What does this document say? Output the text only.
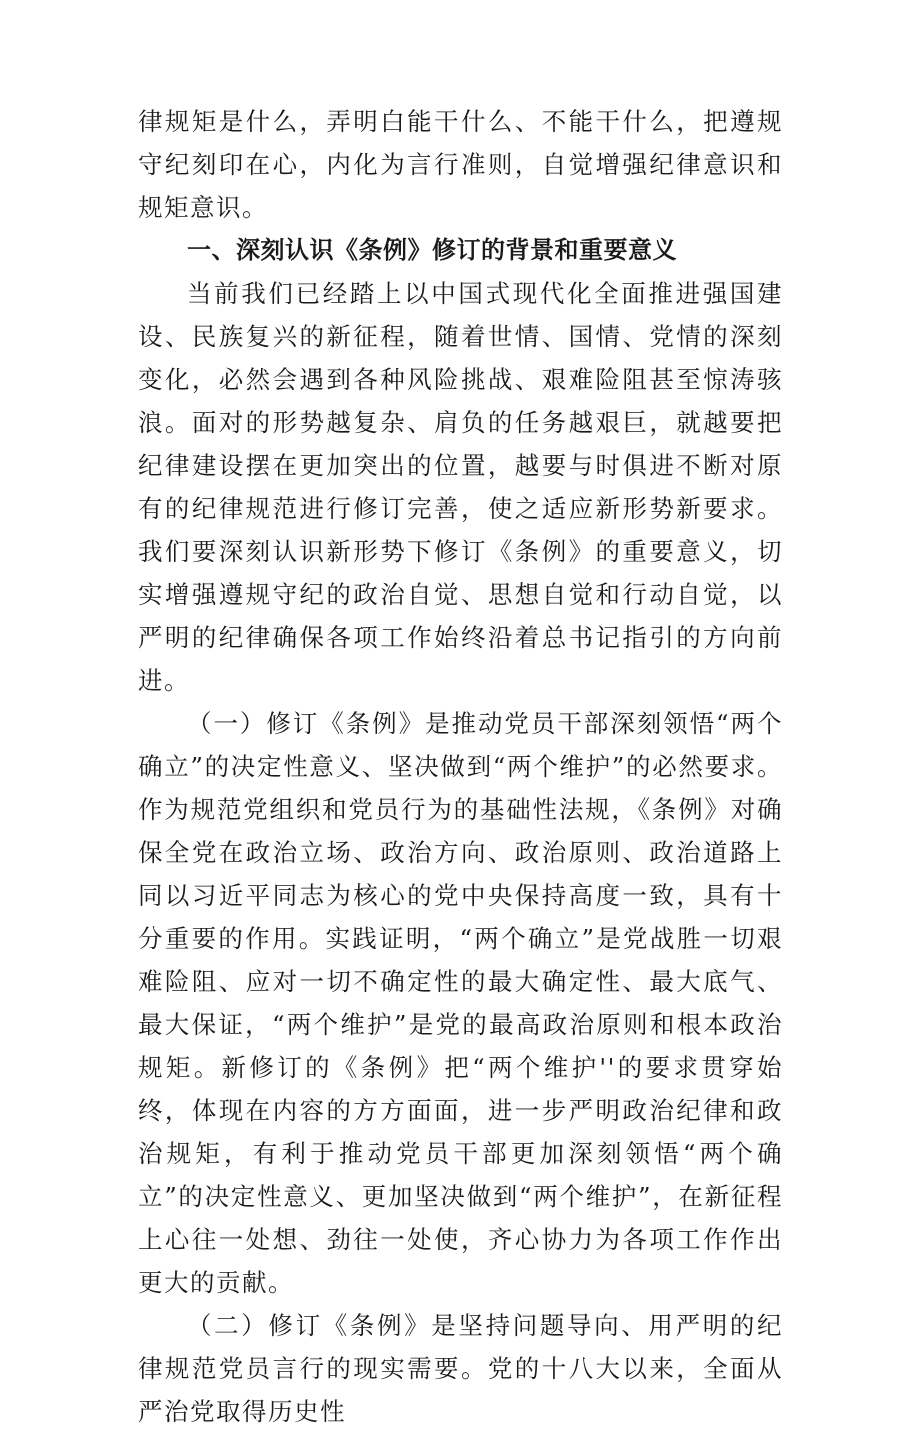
律规矩是什么，弄明白能干什么、不能干什么，把遵规守纪刻印在心，内化为言行准则，自觉增强纪律意识和规矩意识。

一、深刻认识《条例》修订的背景和重要意义

当前我们已经踏上以中国式现代化全面推进强国建设、民族复兴的新征程，随着世情、国情、党情的深刻变化，必然会遇到各种风险挑战、艰难险阻甚至惊涛骇浪。面对的形势越复杂、肩负的任务越艰巨，就越要把纪律建设摆在更加突出的位置，越要与时俱进不断对原有的纪律规范进行修订完善，使之适应新形势新要求。我们要深刻认识新形势下修订《条例》的重要意义，切实增强遵规守纪的政治自觉、思想自觉和行动自觉，以严明的纪律确保各项工作始终沿着总书记指引的方向前进。

（一）修订《条例》是推动党员干部深刻领悟“两个确立”的决定性意义、坚决做到“两个维护”的必然要求。作为规范党组织和党员行为的基础性法规，《条例》对确保全党在政治立场、政治方向、政治原则、政治道路上同以习近平同志为核心的党中央保持高度一致，具有十分重要的作用。实践证明，“两个确立”是党战胜一切艰难险阻、应对一切不确定性的最大确定性、最大底气、最大保证，“两个维护”是党的最高政治原则和根本政治规矩。新修订的《条例》把“两个维护''的要求贯穿始终，体现在内容的方方面面，进一步严明政治纪律和政治规矩，有利于推动党员干部更加深刻领悟“两个确立”的决定性意义、更加坚决做到“两个维护”，在新征程上心往一处想、劲往一处使，齐心协力为各项工作作出更大的贡献。

（二）修订《条例》是坚持问题导向、用严明的纪律规范党员言行的现实需要。党的十八大以来，全面从严治党取得历史性
